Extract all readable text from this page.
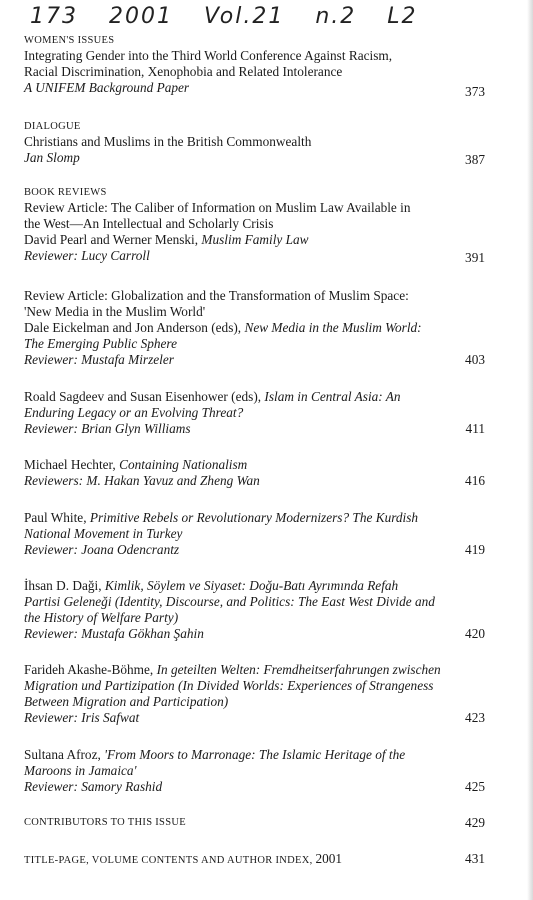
173 2001 Vol.21 n.2 L2
WOMEN'S ISSUES
Integrating Gender into the Third World Conference Against Racism,
Racial Discrimination, Xenophobia and Related Intolerance
A UNIFEM Background Paper	373
DIALOGUE
Christians and Muslims in the British Commonwealth
Jan Slomp	387
BOOK REVIEWS
Review Article: The Caliber of Information on Muslim Law Available in
the West—An Intellectual and Scholarly Crisis
David Pearl and Werner Menski, Muslim Family Law
Reviewer: Lucy Carroll	391
Review Article: Globalization and the Transformation of Muslim Space:
'New Media in the Muslim World'
Dale Eickelman and Jon Anderson (eds), New Media in the Muslim World:
The Emerging Public Sphere
Reviewer: Mustafa Mirzeler	403
Roald Sagdeev and Susan Eisenhower (eds), Islam in Central Asia: An
Enduring Legacy or an Evolving Threat?
Reviewer: Brian Glyn Williams	411
Michael Hechter, Containing Nationalism
Reviewers: M. Hakan Yavuz and Zheng Wan	416
Paul White, Primitive Rebels or Revolutionary Modernizers? The Kurdish
National Movement in Turkey
Reviewer: Joana Odencrantz	419
İhsan D. Daği, Kimlik, Söylem ve Siyaset: Doğu-Batı Ayrımında Refah
Partisi Geleneği (Identity, Discourse, and Politics: The East West Divide and
the History of Welfare Party)
Reviewer: Mustafa Gökhan Şahin	420
Farideh Akashe-Böhme, In geteilten Welten: Fremdheitserfahrungen zwischen
Migration und Partizipation (In Divided Worlds: Experiences of Strangeness
Between Migration and Participation)
Reviewer: Iris Safwat	423
Sultana Afroz, 'From Moors to Marronage: The Islamic Heritage of the
Maroons in Jamaica'
Reviewer: Samory Rashid	425
CONTRIBUTORS TO THIS ISSUE	429
TITLE-PAGE, VOLUME CONTENTS AND AUTHOR INDEX, 2001	431
